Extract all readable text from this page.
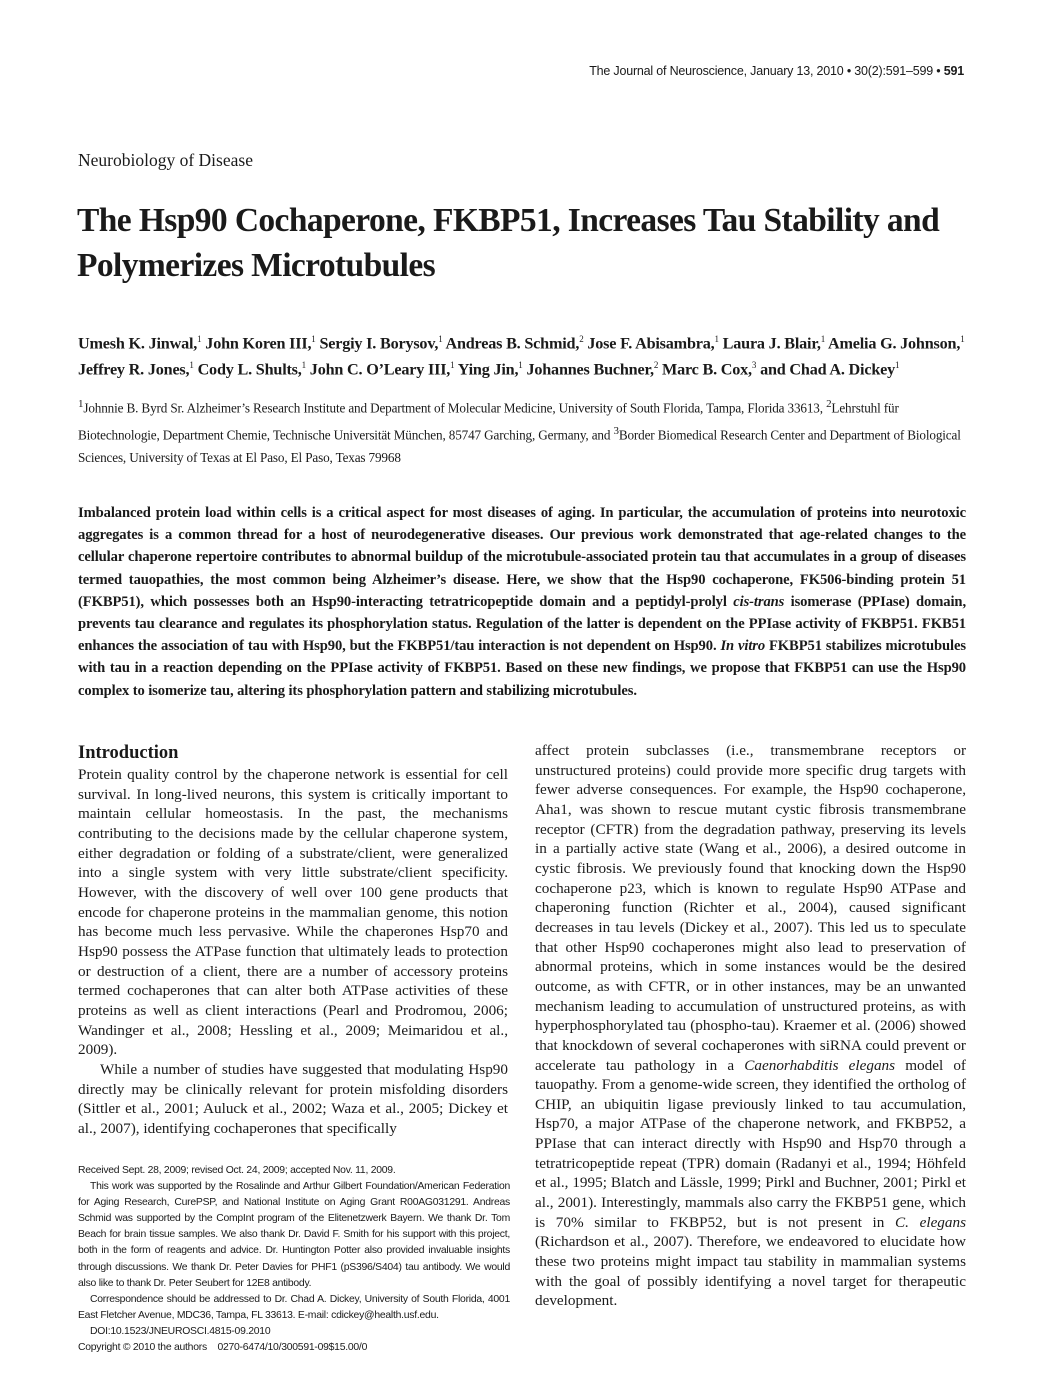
The Journal of Neuroscience, January 13, 2010 • 30(2):591–599 • 591
Neurobiology of Disease
The Hsp90 Cochaperone, FKBP51, Increases Tau Stability and Polymerizes Microtubules
Umesh K. Jinwal,$^1$ John Koren III,$^1$ Sergiy I. Borysov,$^1$ Andreas B. Schmid,$^2$ Jose F. Abisambra,$^1$ Laura J. Blair,$^1$ Amelia G. Johnson,$^1$ Jeffrey R. Jones,$^1$ Cody L. Shults,$^1$ John C. O’Leary III,$^1$ Ying Jin,$^1$ Johannes Buchner,$^2$ Marc B. Cox,$^3$ and Chad A. Dickey$^1$
$^1$Johnnie B. Byrd Sr. Alzheimer’s Research Institute and Department of Molecular Medicine, University of South Florida, Tampa, Florida 33613, $^2$Lehrstuhl für Biotechnologie, Department Chemie, Technische Universität München, 85747 Garching, Germany, and $^3$Border Biomedical Research Center and Department of Biological Sciences, University of Texas at El Paso, El Paso, Texas 79968
Imbalanced protein load within cells is a critical aspect for most diseases of aging. In particular, the accumulation of proteins into neurotoxic aggregates is a common thread for a host of neurodegenerative diseases. Our previous work demonstrated that age-related changes to the cellular chaperone repertoire contributes to abnormal buildup of the microtubule-associated protein tau that accumulates in a group of diseases termed tauopathies, the most common being Alzheimer’s disease. Here, we show that the Hsp90 cochaperone, FK506-binding protein 51 (FKBP51), which possesses both an Hsp90-interacting tetratricopeptide domain and a peptidyl-prolyl cis-trans isomerase (PPIase) domain, prevents tau clearance and regulates its phosphorylation status. Regulation of the latter is dependent on the PPIase activity of FKBP51. FKB51 enhances the association of tau with Hsp90, but the FKBP51/tau interaction is not dependent on Hsp90. In vitro FKBP51 stabilizes microtubules with tau in a reaction depending on the PPIase activity of FKBP51. Based on these new findings, we propose that FKBP51 can use the Hsp90 complex to isomerize tau, altering its phosphorylation pattern and stabilizing microtubules.
Introduction

Protein quality control by the chaperone network is essential for cell survival. In long-lived neurons, this system is critically important to maintain cellular homeostasis. In the past, the mechanisms contributing to the decisions made by the cellular chaperone system, either degradation or folding of a substrate/client, were generalized into a single system with very little substrate/client specificity. However, with the discovery of well over 100 gene products that encode for chaperone proteins in the mammalian genome, this notion has become much less pervasive. While the chaperones Hsp70 and Hsp90 possess the ATPase function that ultimately leads to protection or destruction of a client, there are a number of accessory proteins termed cochaperones that can alter both ATPase activities of these proteins as well as client interactions (Pearl and Prodromou, 2006; Wandinger et al., 2008; Hessling et al., 2009; Meimaridou et al., 2009).

While a number of studies have suggested that modulating Hsp90 directly may be clinically relevant for protein misfolding disorders (Sittler et al., 2001; Auluck et al., 2002; Waza et al., 2005; Dickey et al., 2007), identifying cochaperones that specifically

affect protein subclasses (i.e., transmembrane receptors or unstructured proteins) could provide more specific drug targets with fewer adverse consequences. For example, the Hsp90 cochaperone, Aha1, was shown to rescue mutant cystic fibrosis transmembrane receptor (CFTR) from the degradation pathway, preserving its levels in a partially active state (Wang et al., 2006), a desired outcome in cystic fibrosis. We previously found that knocking down the Hsp90 cochaperone p23, which is known to regulate Hsp90 ATPase and chaperoning function (Richter et al., 2004), caused significant decreases in tau levels (Dickey et al., 2007). This led us to speculate that other Hsp90 cochaperones might also lead to preservation of abnormal proteins, which in some instances would be the desired outcome, as with CFTR, or in other instances, may be an unwanted mechanism leading to accumulation of unstructured proteins, as with hyperphosphorylated tau (phospho-tau). Kraemer et al. (2006) showed that knockdown of several cochaperones with siRNA could prevent or accelerate tau pathology in a Caenorhabditis elegans model of tauopathy. From a genome-wide screen, they identified the ortholog of CHIP, an ubiquitin ligase previously linked to tau accumulation, Hsp70, a major ATPase of the chaperone network, and FKBP52, a PPIase that can interact directly with Hsp90 and Hsp70 through a tetratricopeptide repeat (TPR) domain (Radanyi et al., 1994; Höhfeld et al., 1995; Blatch and Lässle, 1999; Pirkl and Buchner, 2001; Pirkl et al., 2001). Interestingly, mammals also carry the FKBP51 gene, which is 70% similar to FKBP52, but is not present in C. elegans (Richardson et al., 2007). Therefore, we endeavored to elucidate how these two proteins might impact tau stability in mammalian systems with the goal of possibly identifying a novel target for therapeutic development.

Received Sept. 28, 2009; revised Oct. 24, 2009; accepted Nov. 11, 2009.

This work was supported by the Rosalinde and Arthur Gilbert Foundation/American Federation for Aging Research, CurePSP, and National Institute on Aging Grant R00AG031291. Andreas Schmid was supported by the CompInt program of the Elitenetzwerk Bayern. We thank Dr. Tom Beach for brain tissue samples. We also thank Dr. David F. Smith for his support with this project, both in the form of reagents and advice. Dr. Huntington Potter also provided invaluable insights through discussions. We thank Dr. Peter Davies for PHF1 (pS396/S404) tau antibody. We would also like to thank Dr. Peter Seubert for 12E8 antibody.

Correspondence should be addressed to Dr. Chad A. Dickey, University of South Florida, 4001 East Fletcher Avenue, MDC36, Tampa, FL 33613. E-mail: cdickey@health.usf.edu.

DOI:10.1523/JNEUROSCI.4815-09.2010

Copyright © 2010 the authors    0270-6474/10/300591-09$15.00/0
